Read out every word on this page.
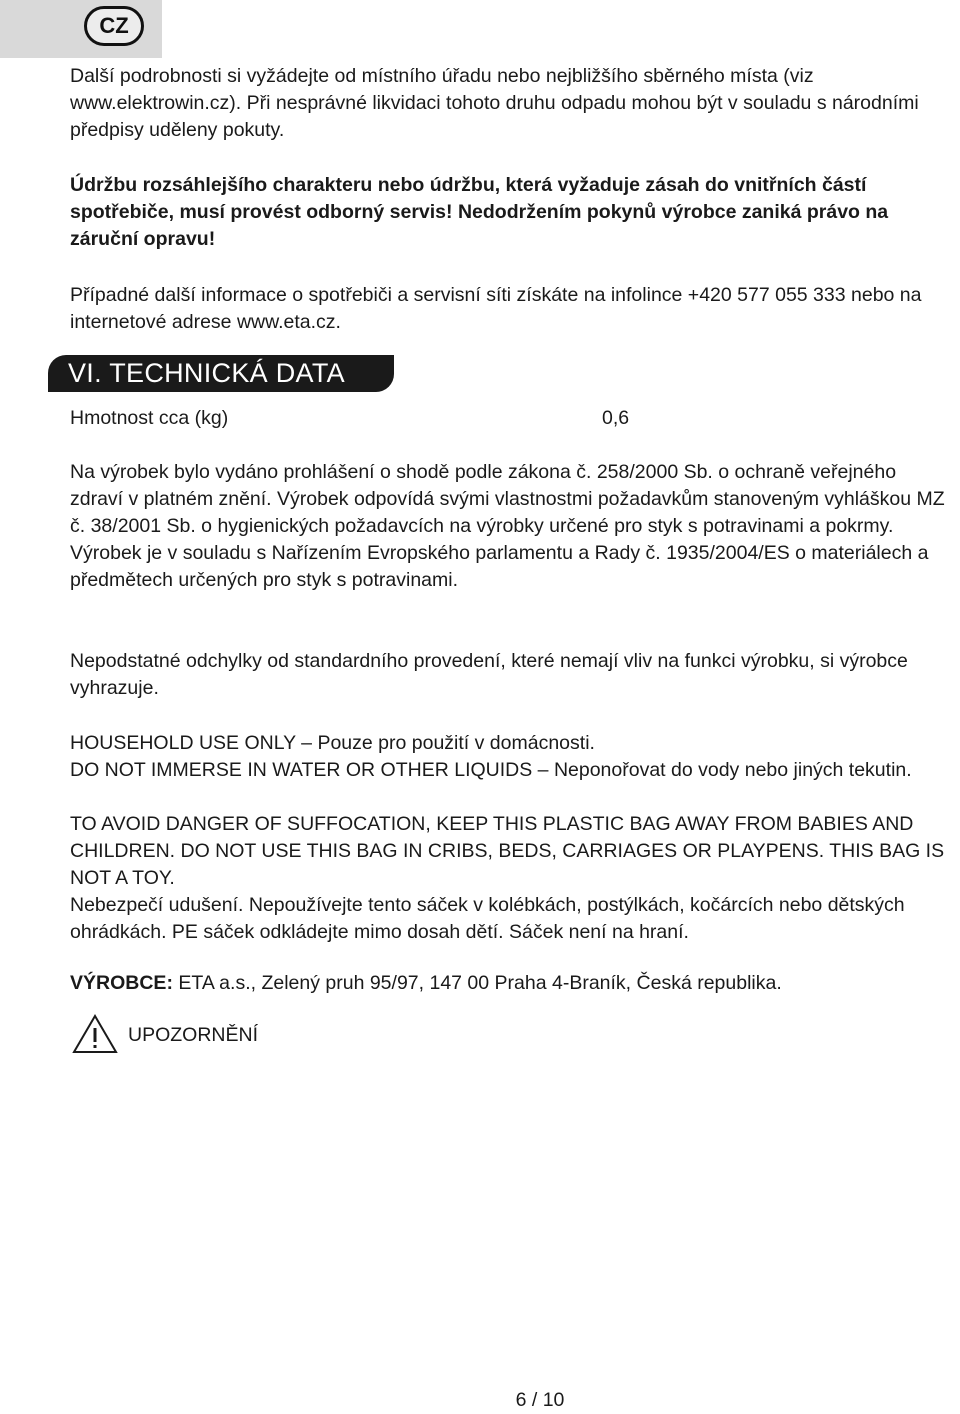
CZ

Další podrobnosti si vyžádejte od místního úřadu nebo nejbližšího sběrného místa (viz www.elektrowin.cz). Při nesprávné likvidaci tohoto druhu odpadu mohou být v souladu s národními předpisy uděleny pokuty.

Údržbu rozsáhlejšího charakteru nebo údržbu, která vyžaduje zásah do vnitřních částí spotřebiče, musí provést odborný servis! Nedodržením pokynů výrobce zaniká právo na záruční opravu!

Případné další informace o spotřebiči a servisní síti získáte na infolince +420 577 055 333 nebo na internetové adrese www.eta.cz.

VI. TECHNICKÁ DATA
Hmotnost cca (kg)	0,6

Na výrobek bylo vydáno prohlášení o shodě podle zákona č. 258/2000 Sb. o ochraně veřejného zdraví v platném znění. Výrobek odpovídá svými vlastnostmi požadavkům stanoveným vyhláškou MZ č. 38/2001 Sb. o hygienických požadavcích na výrobky určené pro styk s potravinami a pokrmy. Výrobek je v souladu s Nařízením Evropského parlamentu a Rady č. 1935/2004/ES o materiálech a předmětech určených pro styk s potravinami.

Nepodstatné odchylky od standardního provedení, které nemají vliv na funkci výrobku, si výrobce vyhrazuje.

HOUSEHOLD USE ONLY – Pouze pro použití v domácnosti.

DO NOT IMMERSE IN WATER OR OTHER LIQUIDS – Neponořovat do vody nebo jiných tekutin.

TO AVOID DANGER OF SUFFOCATION, KEEP THIS PLASTIC BAG AWAY FROM BABIES AND CHILDREN. DO NOT USE THIS BAG IN CRIBS, BEDS, CARRIAGES OR PLAYPENS. THIS BAG IS NOT A TOY.

Nebezpečí udušení. Nepoužívejte tento sáček v kolébkách, postýlkách, kočárcích nebo dětských ohrádkách. PE sáček odkládejte mimo dosah dětí. Sáček není na hraní.

VÝROBCE: ETA a.s., Zelený pruh 95/97, 147 00 Praha 4-Braník, Česká republika.

UPOZORNĚNÍ
6 / 10
